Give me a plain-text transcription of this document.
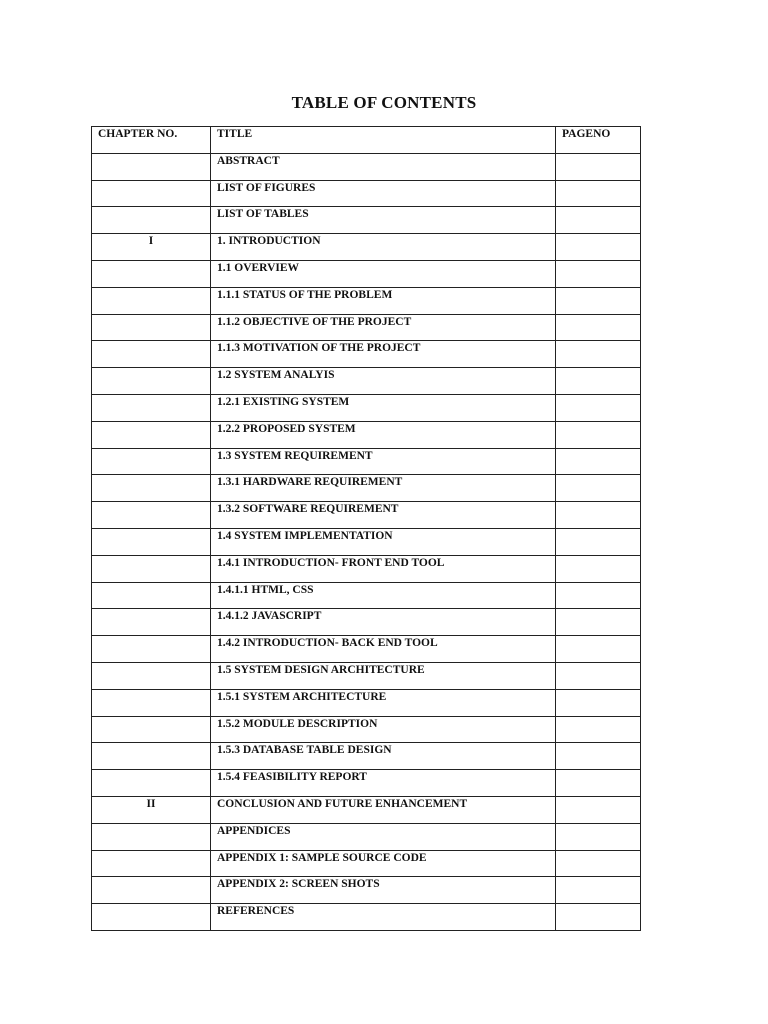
TABLE OF CONTENTS
CHAPTER NO.	TITLE	PAGENO
	ABSTRACT	
	LIST OF FIGURES	
	LIST OF TABLES	
I	1. INTRODUCTION	
	1.1 OVERVIEW	
	1.1.1 STATUS OF THE PROBLEM	
	1.1.2 OBJECTIVE OF THE PROJECT	
	1.1.3 MOTIVATION OF THE PROJECT	
	1.2 SYSTEM ANALYIS	
	1.2.1 EXISTING SYSTEM	
	1.2.2 PROPOSED SYSTEM	
	1.3 SYSTEM REQUIREMENT	
	1.3.1 HARDWARE REQUIREMENT	
	1.3.2 SOFTWARE REQUIREMENT	
	1.4 SYSTEM IMPLEMENTATION	
	1.4.1 INTRODUCTION- FRONT END TOOL	
	1.4.1.1 HTML, CSS	
	1.4.1.2 JAVASCRIPT	
	1.4.2 INTRODUCTION- BACK END TOOL	
	1.5 SYSTEM DESIGN ARCHITECTURE	
	1.5.1 SYSTEM ARCHITECTURE	
	1.5.2 MODULE DESCRIPTION	
	1.5.3 DATABASE TABLE DESIGN	
	1.5.4 FEASIBILITY REPORT	
II	CONCLUSION AND FUTURE ENHANCEMENT	
	APPENDICES	
	APPENDIX 1: SAMPLE SOURCE CODE	
	APPENDIX 2: SCREEN SHOTS	
	REFERENCES	
